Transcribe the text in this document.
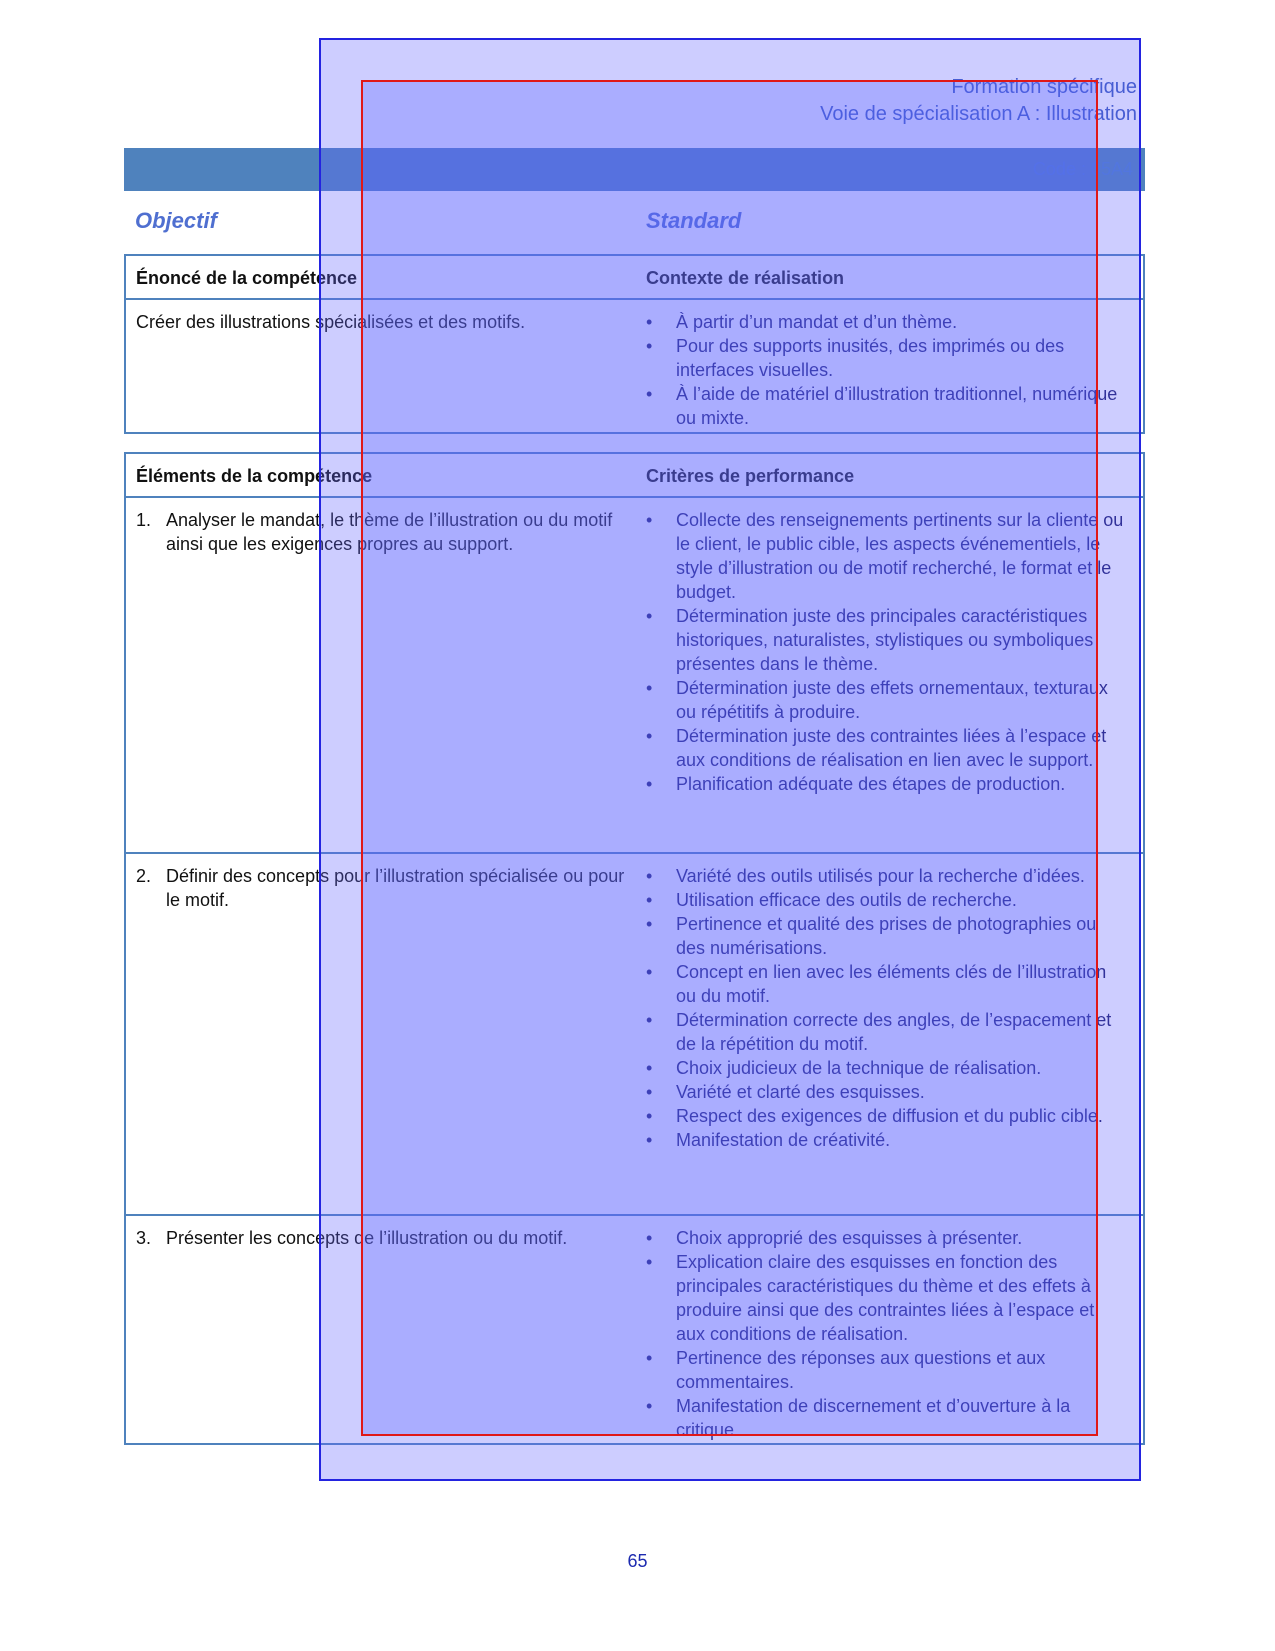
Formation spécifique
Voie de spécialisation A : Illustration
Code : 05A4
Objectif	Standard
Énoncé de la compétence	Contexte de réalisation
Créer des illustrations spécialisées et des motifs.	• À partir d’un mandat et d’un thème.
• Pour des supports inusités, des imprimés ou des interfaces visuelles.
• À l’aide de matériel d’illustration traditionnel, numérique ou mixte.
Éléments de la compétence	Critères de performance
1. Analyser le mandat, le thème de l’illustration ou du motif ainsi que les exigences propres au support.
• Collecte des renseignements pertinents sur la cliente ou le client, le public cible, les aspects événementiels, le style d’illustration ou de motif recherché, le format et le budget.
• Détermination juste des principales caractéristiques historiques, naturalistes, stylistiques ou symboliques présentes dans le thème.
• Détermination juste des effets ornementaux, texturaux ou répétitifs à produire.
• Détermination juste des contraintes liées à l’espace et aux conditions de réalisation en lien avec le support.
• Planification adéquate des étapes de production.
2. Définir des concepts pour l’illustration spécialisée ou pour le motif.
• Variété des outils utilisés pour la recherche d’idées.
• Utilisation efficace des outils de recherche.
• Pertinence et qualité des prises de photographies ou des numérisations.
• Concept en lien avec les éléments clés de l’illustration ou du motif.
• Détermination correcte des angles, de l’espacement et de la répétition du motif.
• Choix judicieux de la technique de réalisation.
• Variété et clarté des esquisses.
• Respect des exigences de diffusion et du public cible.
• Manifestation de créativité.
3. Présenter les concepts de l’illustration ou du motif.	• Choix approprié des esquisses à présenter.
• Explication claire des esquisses en fonction des principales caractéristiques du thème et des effets à produire ainsi que des contraintes liées à l’espace et aux conditions de réalisation.
• Pertinence des réponses aux questions et aux commentaires.
• Manifestation de discernement et d’ouverture à la critique.
65
